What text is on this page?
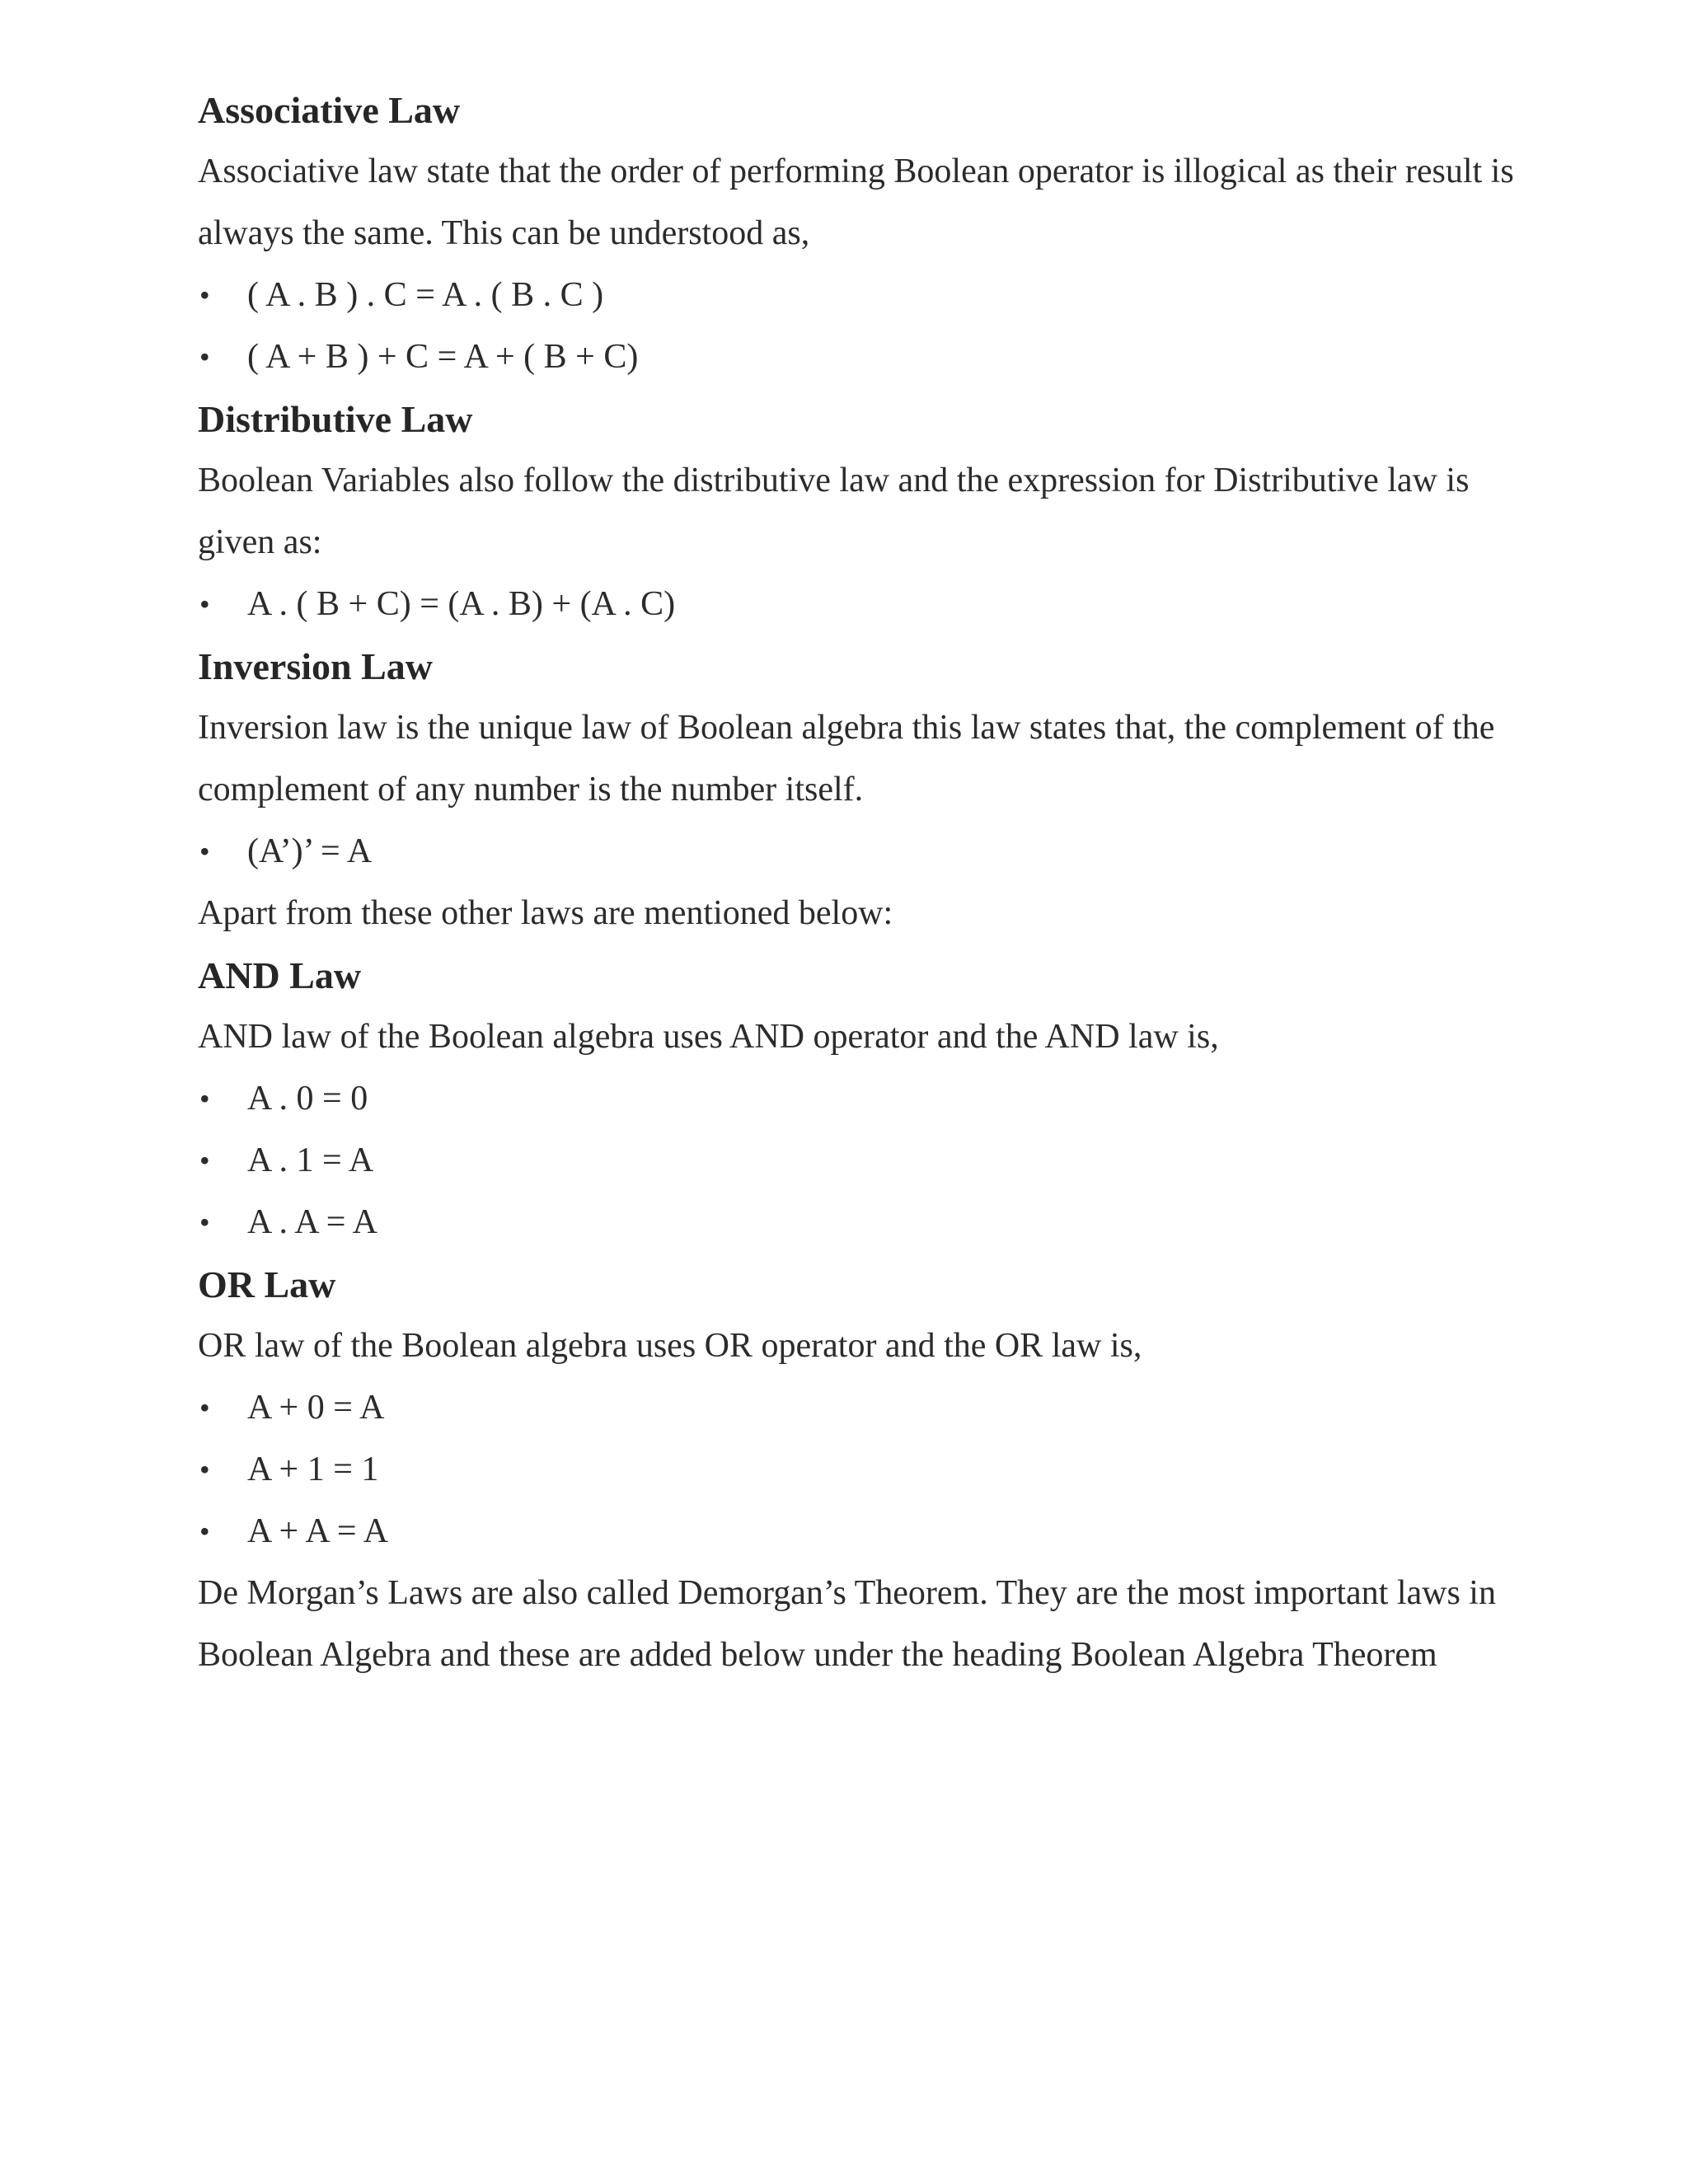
Associative Law

Associative law state that the order of performing Boolean operator is illogical as their result is always the same. This can be understood as,

• ( A . B ) . C = A . ( B . C )
• ( A + B ) + C = A + ( B + C)
Distributive Law

Boolean Variables also follow the distributive law and the expression for Distributive law is given as:

• A . ( B + C) = (A . B) + (A . C)
Inversion Law

Inversion law is the unique law of Boolean algebra this law states that, the complement of the complement of any number is the number itself.

• (A’)’ = A

Apart from these other laws are mentioned below:

AND Law

AND law of the Boolean algebra uses AND operator and the AND law is,

• A . 0 = 0
• A . 1 = A
• A . A = A
OR Law

OR law of the Boolean algebra uses OR operator and the OR law is,

• A + 0 = A
• A + 1 = 1
• A + A = A

De Morgan’s Laws are also called Demorgan’s Theorem. They are the most important laws in Boolean Algebra and these are added below under the heading Boolean Algebra Theorem
